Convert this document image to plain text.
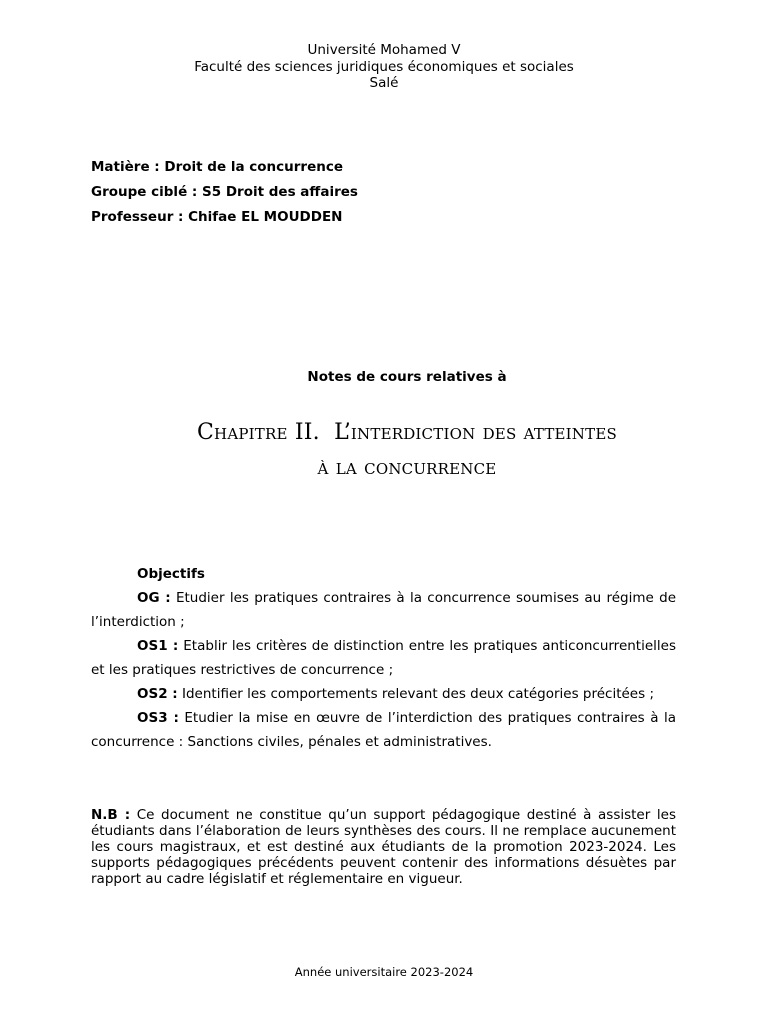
Université Mohamed V
Faculté des sciences juridiques économiques et sociales
Salé
Matière : Droit de la concurrence
Groupe ciblé : S5 Droit des affaires
Professeur : Chifae EL MOUDDEN
Notes de cours relatives à
Chapitre II.  L’interdiction des atteintes
à la concurrence
Objectifs

OG : Etudier les pratiques contraires à la concurrence soumises au régime de l’interdiction ;

OS1 : Etablir les critères de distinction entre les pratiques anticoncurrentielles et les pratiques restrictives de concurrence ;

OS2 : Identifier les comportements relevant des deux catégories précitées ;

OS3 : Etudier la mise en œuvre de l’interdiction des pratiques contraires à la concurrence : Sanctions civiles, pénales et administratives.

N.B : Ce document ne constitue qu’un support pédagogique destiné à assister les étudiants dans l’élaboration de leurs synthèses des cours. Il ne remplace aucunement les cours magistraux, et est destiné aux étudiants de la promotion 2023-2024. Les supports pédagogiques précédents peuvent contenir des informations désuètes par rapport au cadre législatif et réglementaire en vigueur.

Année universitaire 2023-2024
